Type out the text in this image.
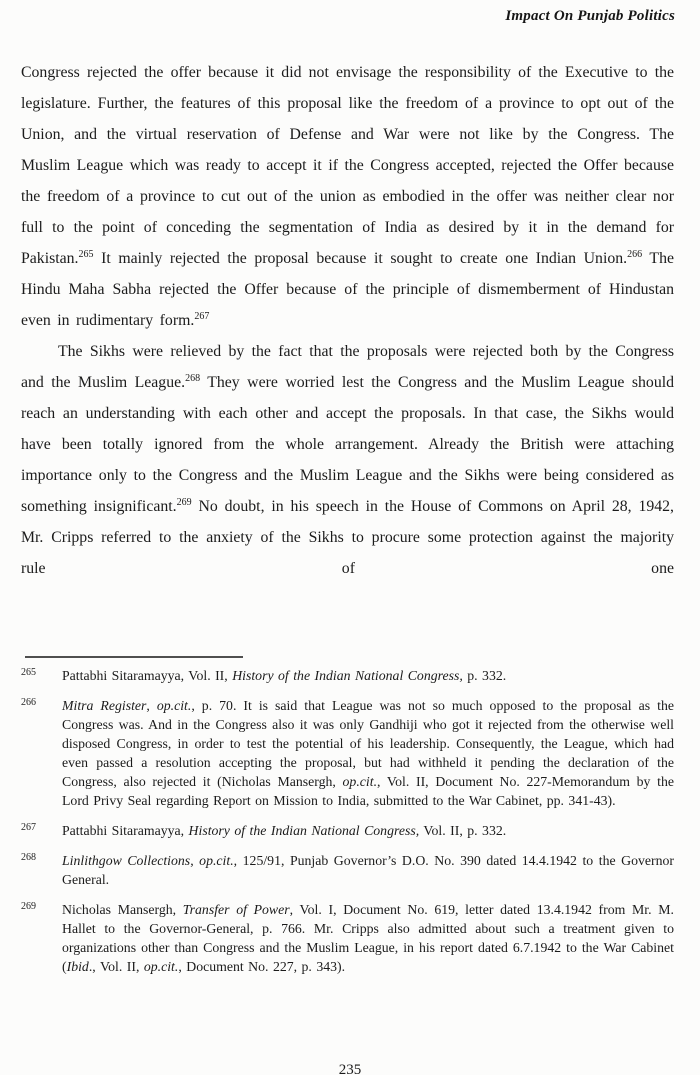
Impact On Punjab Politics

Congress rejected the offer because it did not envisage the responsibility of the Executive to the legislature. Further, the features of this proposal like the freedom of a province to opt out of the Union, and the virtual reservation of Defense and War were not like by the Congress. The Muslim League which was ready to accept it if the Congress accepted, rejected the Offer because the freedom of a province to cut out of the union as embodied in the offer was neither clear nor full to the point of conceding the segmentation of India as desired by it in the demand for Pakistan.$^{265}$ It mainly rejected the proposal because it sought to create one Indian Union.$^{266}$ The Hindu Maha Sabha rejected the Offer because of the principle of dismemberment of Hindustan even in rudimentary form.$^{267}$

The Sikhs were relieved by the fact that the proposals were rejected both by the Congress and the Muslim League.$^{268}$ They were worried lest the Congress and the Muslim League should reach an understanding with each other and accept the proposals. In that case, the Sikhs would have been totally ignored from the whole arrangement. Already the British were attaching importance only to the Congress and the Muslim League and the Sikhs were being considered as something insignificant.$^{269}$ No doubt, in his speech in the House of Commons on April 28, 1942, Mr. Cripps referred to the anxiety of the Sikhs to procure some protection against the majority rule of one

265	Pattabhi Sitaramayya, Vol. II, History of the Indian National Congress, p. 332.
266	Mitra Register, op.cit., p. 70. It is said that League was not so much opposed to the proposal as the Congress was. And in the Congress also it was only Gandhiji who got it rejected from the otherwise well disposed Congress, in order to test the potential of his leadership. Consequently, the League, which had even passed a resolution accepting the proposal, but had withheld it pending the declaration of the Congress, also rejected it (Nicholas Mansergh, op.cit., Vol. II, Document No. 227-Memorandum by the Lord Privy Seal regarding Report on Mission to India, submitted to the War Cabinet, pp. 341-43).
267	Pattabhi Sitaramayya, History of the Indian National Congress, Vol. II, p. 332.
268	Linlithgow Collections, op.cit., 125/91, Punjab Governor’s D.O. No. 390 dated 14.4.1942 to the Governor General.
269	Nicholas Mansergh, Transfer of Power, Vol. I, Document No. 619, letter dated 13.4.1942 from Mr. M. Hallet to the Governor-General, p. 766. Mr. Cripps also admitted about such a treatment given to organizations other than Congress and the Muslim League, in his report dated 6.7.1942 to the War Cabinet (Ibid., Vol. II, op.cit., Document No. 227, p. 343).
235
